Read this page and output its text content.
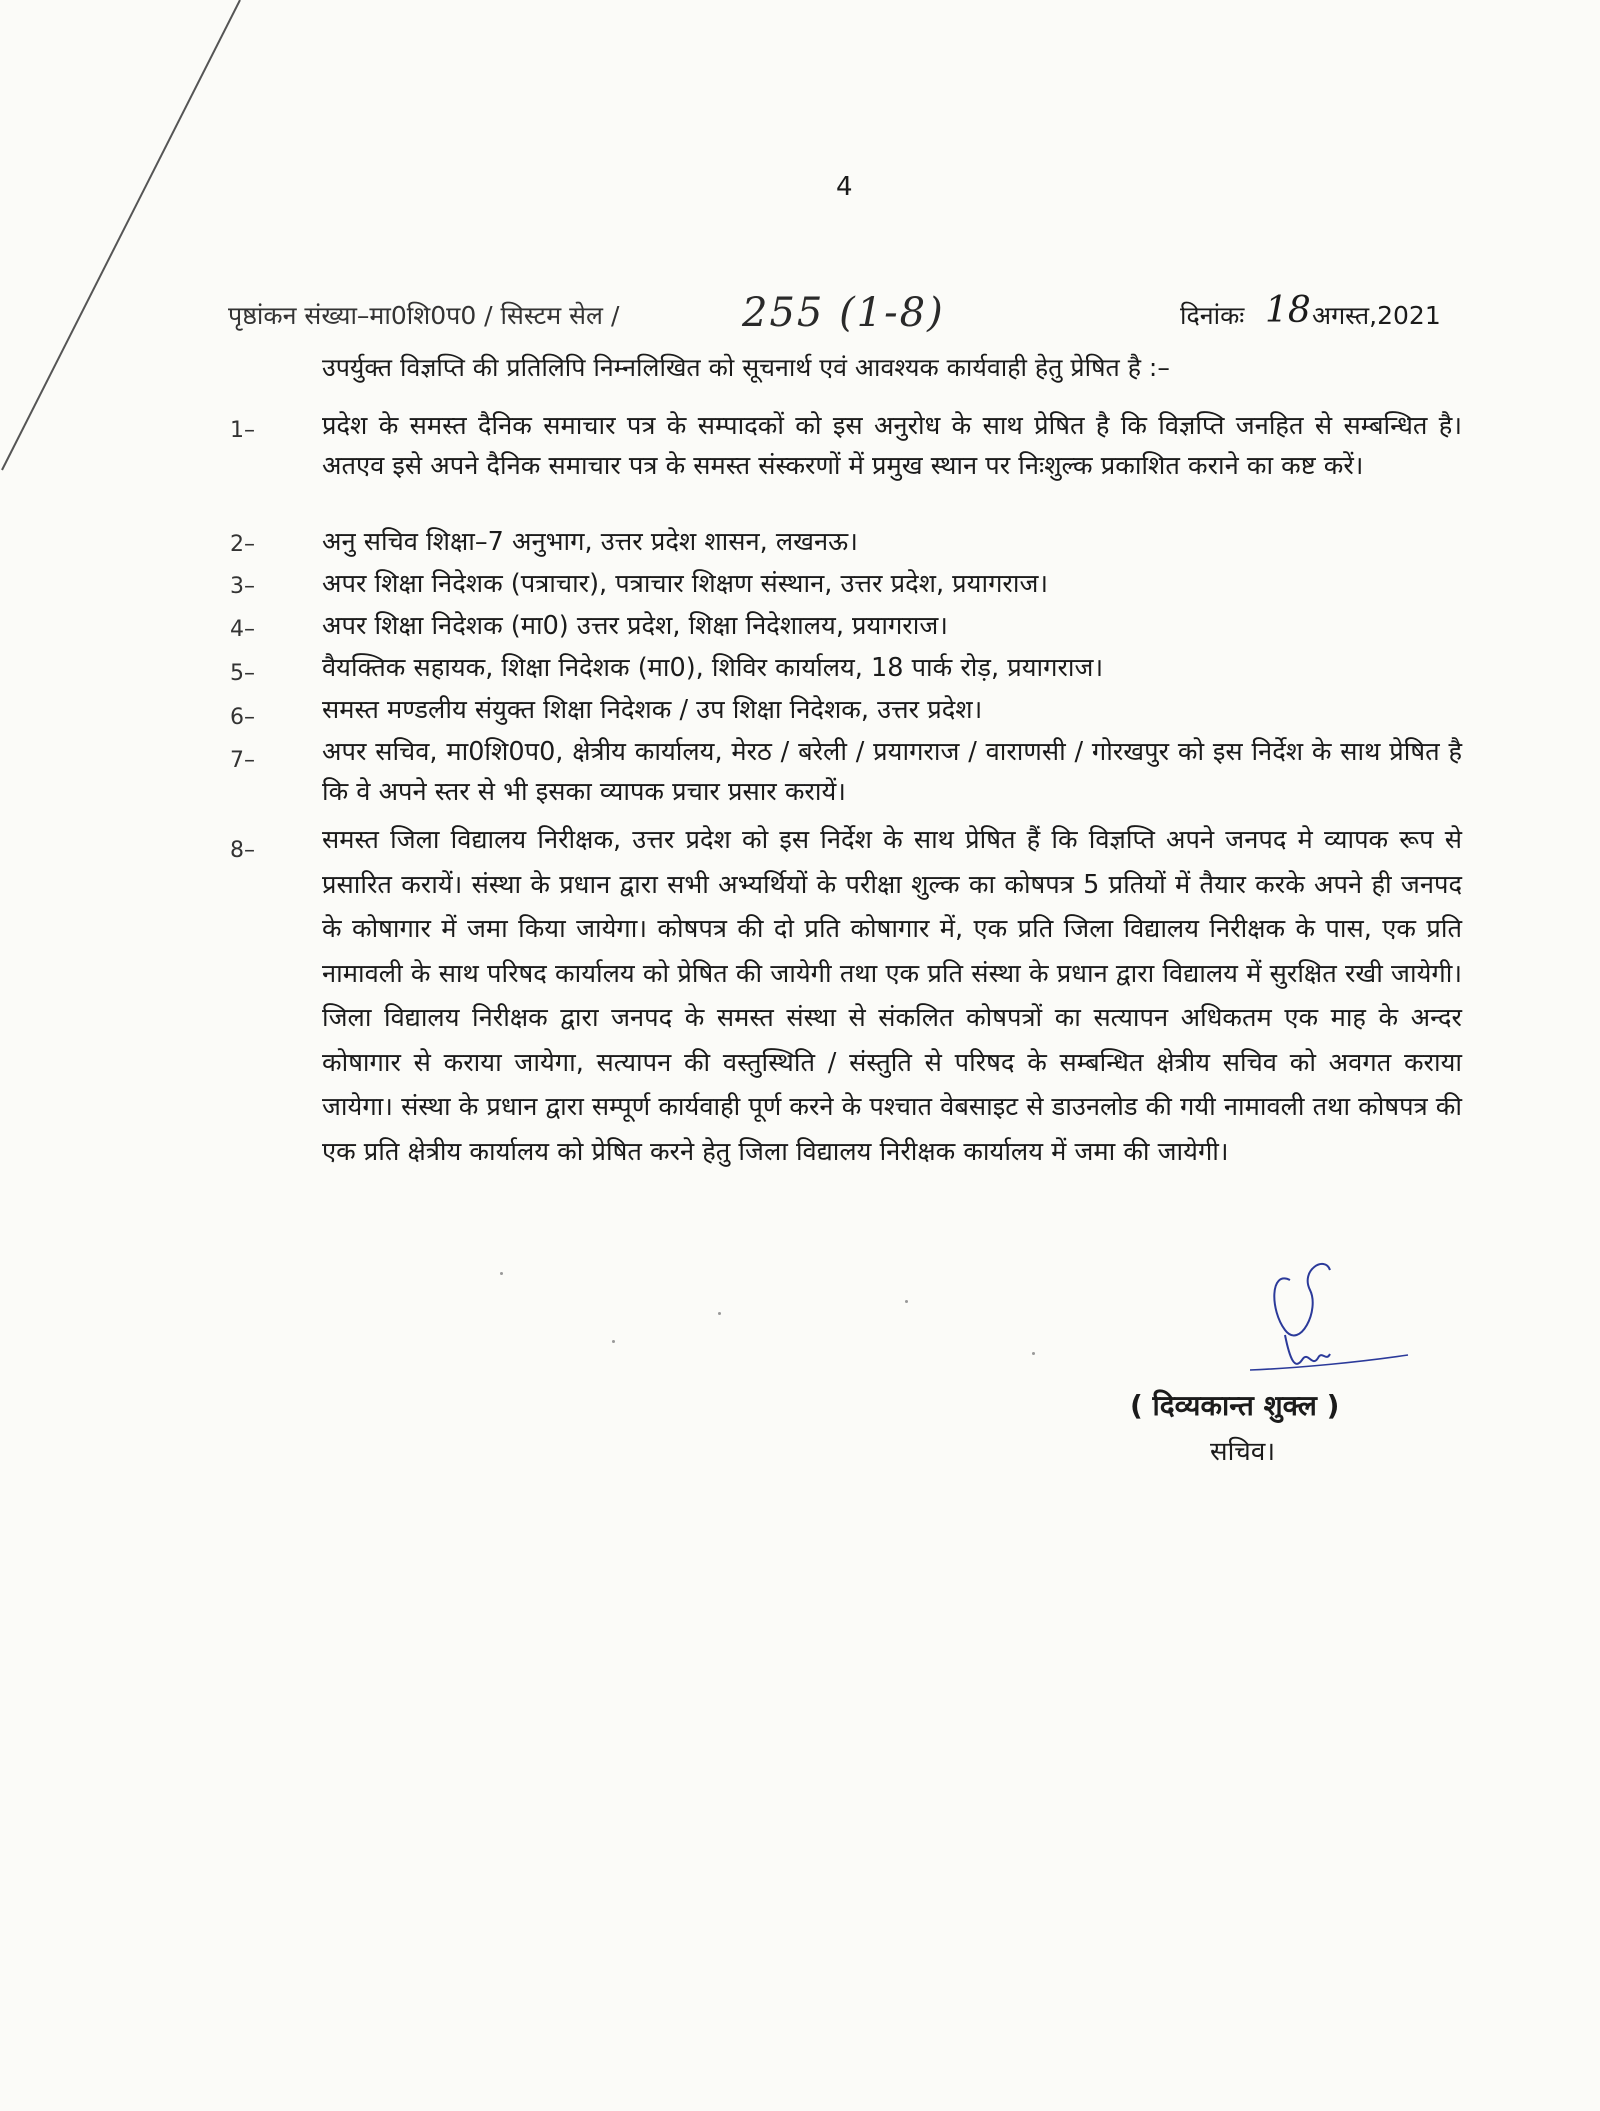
4
पृष्ठांकन संख्या–मा0शि0प0 / सिस्टम सेल /	255 (1-8)	दिनांकः 18 अगस्त,2021
उपर्युक्त विज्ञप्ति की प्रतिलिपि निम्नलिखित को सूचनार्थ एवं आवश्यक कार्यवाही हेतु प्रेषित है :–
1–	प्रदेश के समस्त दैनिक समाचार पत्र के सम्पादकों को इस अनुरोध के साथ प्रेषित है कि विज्ञप्ति जनहित से सम्बन्धित है। अतएव इसे अपने दैनिक समाचार पत्र के समस्त संस्करणों में प्रमुख स्थान पर निःशुल्क प्रकाशित कराने का कष्ट करें।
2–	अनु सचिव शिक्षा–7 अनुभाग, उत्तर प्रदेश शासन, लखनऊ।
3–	अपर शिक्षा निदेशक (पत्राचार), पत्राचार शिक्षण संस्थान, उत्तर प्रदेश, प्रयागराज।
4–	अपर शिक्षा निदेशक (मा0) उत्तर प्रदेश, शिक्षा निदेशालय, प्रयागराज।
5–	वैयक्तिक सहायक, शिक्षा निदेशक (मा0), शिविर कार्यालय, 18 पार्क रोड़, प्रयागराज।
6–	समस्त मण्डलीय संयुक्त शिक्षा निदेशक / उप शिक्षा निदेशक, उत्तर प्रदेश।
7–	अपर सचिव, मा0शि0प0, क्षेत्रीय कार्यालय, मेरठ / बरेली / प्रयागराज / वाराणसी / गोरखपुर को इस निर्देश के साथ प्रेषित है कि वे अपने स्तर से भी इसका व्यापक प्रचार प्रसार करायें।
8–	समस्त जिला विद्यालय निरीक्षक, उत्तर प्रदेश को इस निर्देश के साथ प्रेषित हैं कि विज्ञप्ति अपने जनपद मे व्यापक रूप से प्रसारित करायें। संस्था के प्रधान द्वारा सभी अभ्यर्थियों के परीक्षा शुल्क का कोषपत्र 5 प्रतियों में तैयार करके अपने ही जनपद के कोषागार में जमा किया जायेगा। कोषपत्र की दो प्रति कोषागार में, एक प्रति जिला विद्यालय निरीक्षक के पास, एक प्रति नामावली के साथ परिषद कार्यालय को प्रेषित की जायेगी तथा एक प्रति संस्था के प्रधान द्वारा विद्यालय में सुरक्षित रखी जायेगी। जिला विद्यालय निरीक्षक द्वारा जनपद के समस्त संस्था से संकलित कोषपत्रों का सत्यापन अधिकतम एक माह के अन्दर कोषागार से कराया जायेगा, सत्यापन की वस्तुस्थिति / संस्तुति से परिषद के सम्बन्धित क्षेत्रीय सचिव को अवगत कराया जायेगा। संस्था के प्रधान द्वारा सम्पूर्ण कार्यवाही पूर्ण करने के पश्चात वेबसाइट से डाउनलोड की गयी नामावली तथा कोषपत्र की एक प्रति क्षेत्रीय कार्यालय को प्रेषित करने हेतु जिला विद्यालय निरीक्षक कार्यालय में जमा की जायेगी।
( दिव्यकान्त शुक्ल )
सचिव।
